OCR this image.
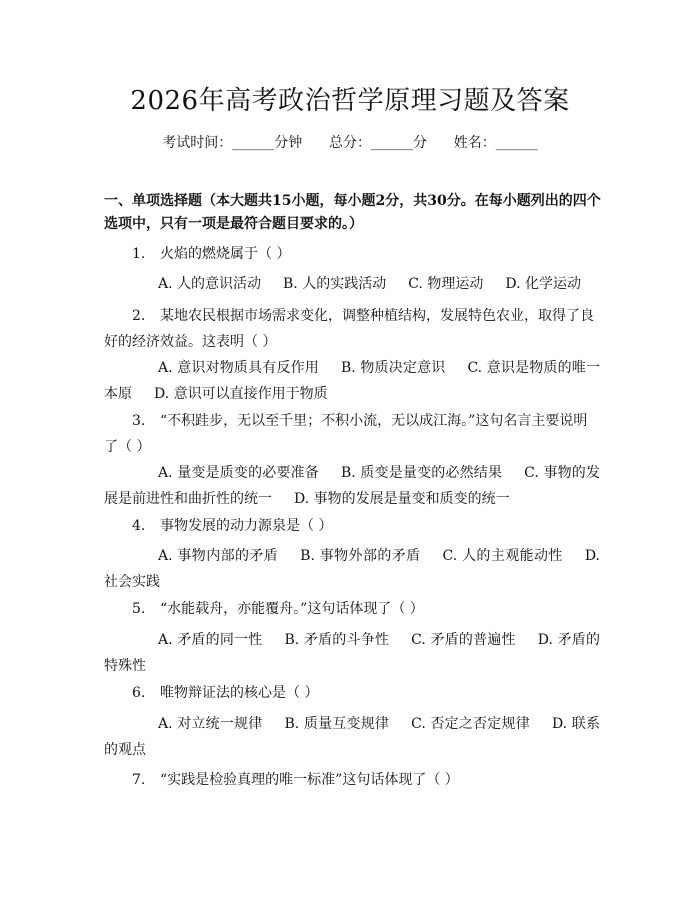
2026年高考政治哲学原理习题及答案
考试时间：______分钟      总分：______分      姓名：______
一、单项选择题（本大题共15小题，每小题2分，共30分。在每小题列出的四个选项中，只有一项是最符合题目要求的。）
1. 火焰的燃烧属于（ ）
A. 人的意识活动 B. 人的实践活动 C. 物理运动 D. 化学运动
2. 某地农民根据市场需求变化，调整种植结构，发展特色农业，取得了良好的经济效益。这表明（ ）
A. 意识对物质具有反作用 B. 物质决定意识 C. 意识是物质的唯一本原 D. 意识可以直接作用于物质
3. “不积跬步，无以至千里；不积小流，无以成江海。”这句名言主要说明了（ ）
A. 量变是质变的必要准备 B. 质变是量变的必然结果 C. 事物的发展是前进性和曲折性的统一 D. 事物的发展是量变和质变的统一
4. 事物发展的动力源泉是（ ）
A. 事物内部的矛盾 B. 事物外部的矛盾 C. 人的主观能动性 D. 社会实践
5. “水能载舟，亦能覆舟。”这句话体现了（ ）
A. 矛盾的同一性 B. 矛盾的斗争性 C. 矛盾的普遍性 D. 矛盾的特殊性
6. 唯物辩证法的核心是（ ）
A. 对立统一规律 B. 质量互变规律 C. 否定之否定规律 D. 联系的观点
7. “实践是检验真理的唯一标准”这句话体现了（ ）
